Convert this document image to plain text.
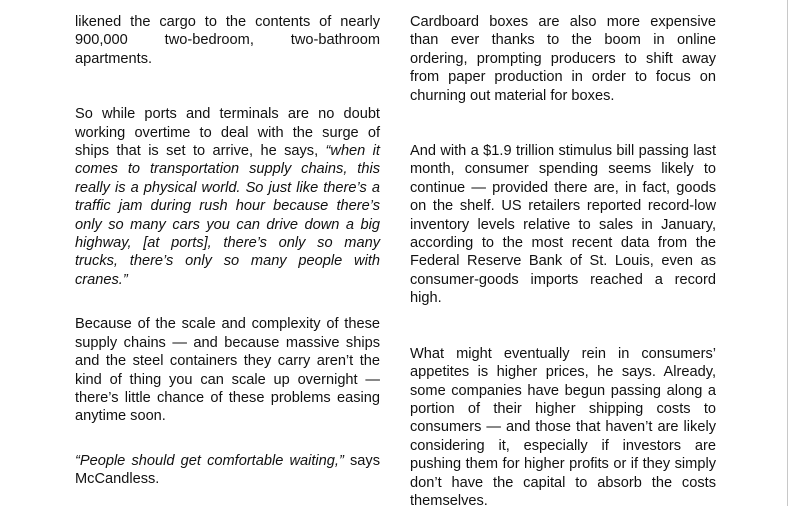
likened the cargo to the contents of nearly 900,000 two-bedroom, two-bathroom apartments.

So while ports and terminals are no doubt working overtime to deal with the surge of ships that is set to arrive, he says, “when it comes to transportation supply chains, this really is a physical world. So just like there’s a traffic jam during rush hour because there’s only so many cars you can drive down a big highway, [at ports], there’s only so many trucks, there’s only so many people with cranes.”

Because of the scale and complexity of these supply chains — and because massive ships and the steel containers they carry aren’t the kind of thing you can scale up overnight — there’s little chance of these problems easing anytime soon.

“People should get comfortable waiting,” says McCandless.

Cardboard boxes are also more expensive than ever thanks to the boom in online ordering, prompting producers to shift away from paper production in order to focus on churning out material for boxes.

And with a $1.9 trillion stimulus bill passing last month, consumer spending seems likely to continue — provided there are, in fact, goods on the shelf. US retailers reported record-low inventory levels relative to sales in January, according to the most recent data from the Federal Reserve Bank of St. Louis, even as consumer-goods imports reached a record high.

What might eventually rein in consumers’ appetites is higher prices, he says. Already, some companies have begun passing along a portion of their higher shipping costs to consumers — and those that haven’t are likely considering it, especially if investors are pushing them for higher profits or if they simply don’t have the capital to absorb the costs themselves.
